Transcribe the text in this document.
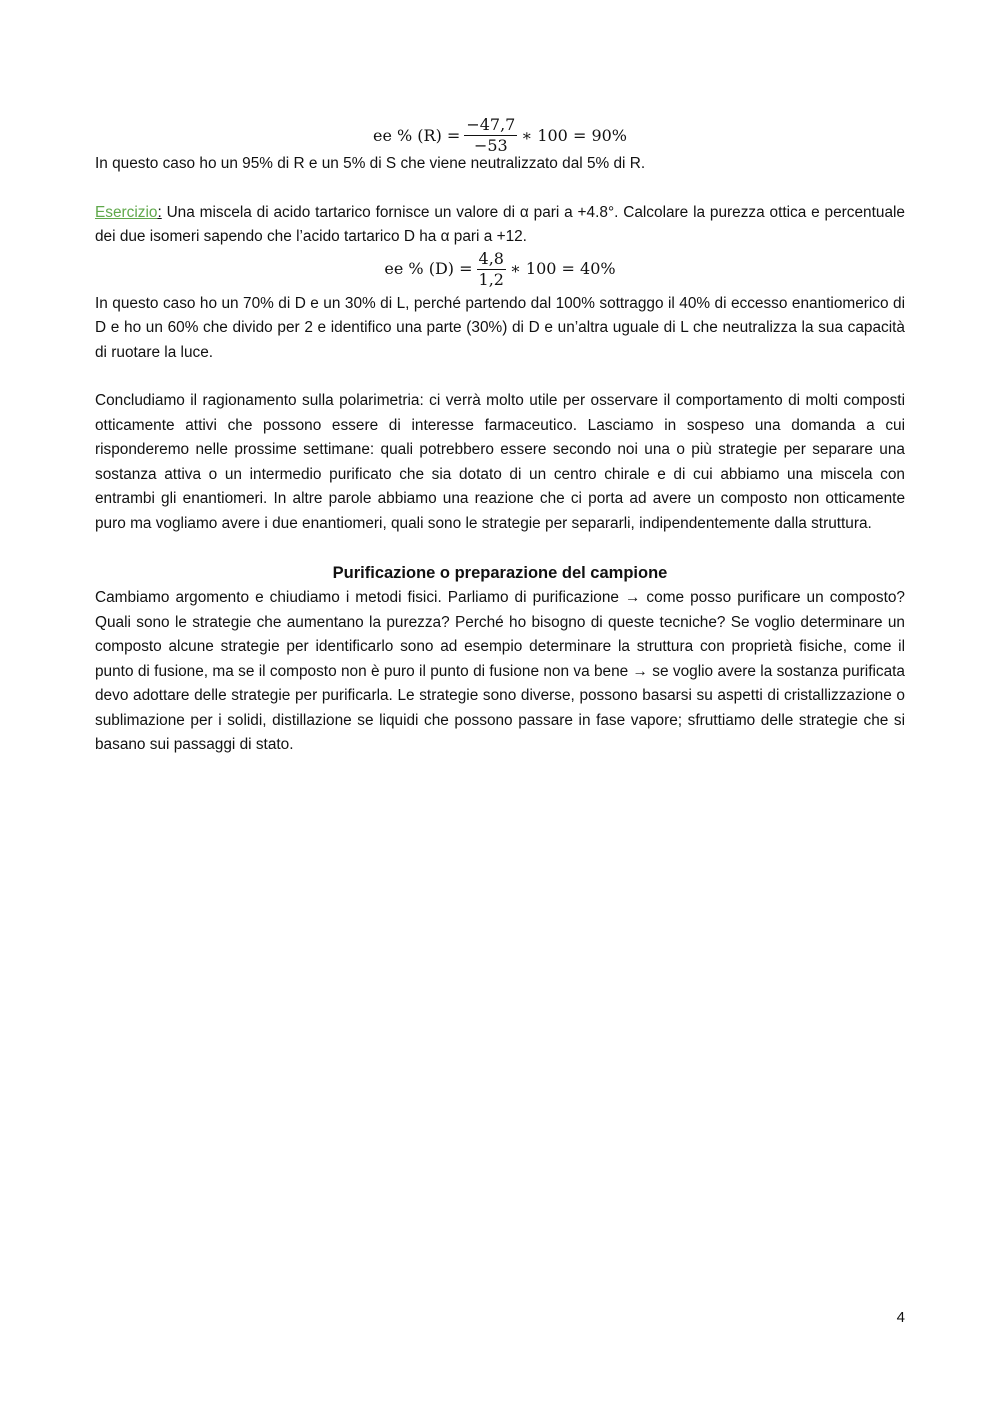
ee % $(R) = \frac{-47,7}{-53}$ ∗ 100 = 90%

In questo caso ho un 95% di R e un 5% di S che viene neutralizzato dal 5% di R.

Esercizio: Una miscela di acido tartarico fornisce un valore di α pari a +4.8°. Calcolare la purezza ottica e percentuale dei due isomeri sapendo che l’acido tartarico D ha α pari a +12.

ee % $(D) = \frac{4,8}{1,2}$ ∗ 100 = 40%

In questo caso ho un 70% di D e un 30% di L, perché partendo dal 100% sottraggo il 40% di eccesso enantiomerico di D e ho un 60% che divido per 2 e identifico una parte (30%) di D e un’altra uguale di L che neutralizza la sua capacità di ruotare la luce.

Concludiamo il ragionamento sulla polarimetria: ci verrà molto utile per osservare il comportamento di molti composti otticamente attivi che possono essere di interesse farmaceutico. Lasciamo in sospeso una domanda a cui risponderemo nelle prossime settimane: quali potrebbero essere secondo noi una o più strategie per separare una sostanza attiva o un intermedio purificato che sia dotato di un centro chirale e di cui abbiamo una miscela con entrambi gli enantiomeri. In altre parole abbiamo una reazione che ci porta ad avere un composto non otticamente puro ma vogliamo avere i due enantiomeri, quali sono le strategie per separarli, indipendentemente dalla struttura.

Purificazione o preparazione del campione

Cambiamo argomento e chiudiamo i metodi fisici. Parliamo di purificazione → come posso purificare un composto? Quali sono le strategie che aumentano la purezza? Perché ho bisogno di queste tecniche? Se voglio determinare un composto alcune strategie per identificarlo sono ad esempio determinare la struttura con proprietà fisiche, come il punto di fusione, ma se il composto non è puro il punto di fusione non va bene → se voglio avere la sostanza purificata devo adottare delle strategie per purificarla. Le strategie sono diverse, possono basarsi su aspetti di cristallizzazione o sublimazione per i solidi, distillazione se liquidi che possono passare in fase vapore; sfruttiamo delle strategie che si basano sui passaggi di stato.

4
